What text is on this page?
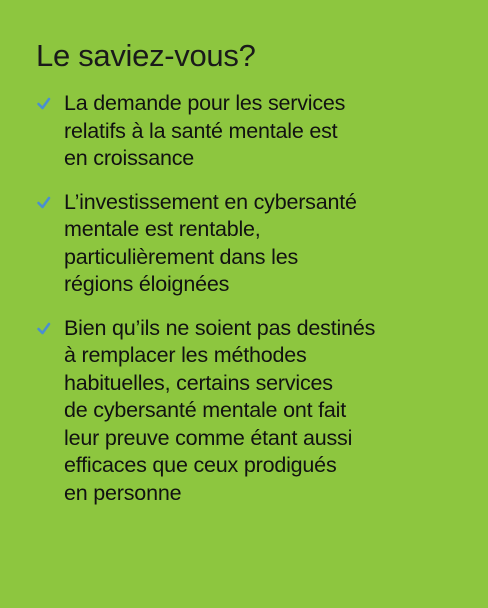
Le saviez-vous?
La demande pour les services
relatifs à la santé mentale est
en croissance
L’investissement en cybersanté
mentale est rentable,
particulièrement dans les
régions éloignées
Bien qu’ils ne soient pas destinés
à remplacer les méthodes
habituelles, certains services
de cybersanté mentale ont fait
leur preuve comme étant aussi
efficaces que ceux prodigués
en personne
